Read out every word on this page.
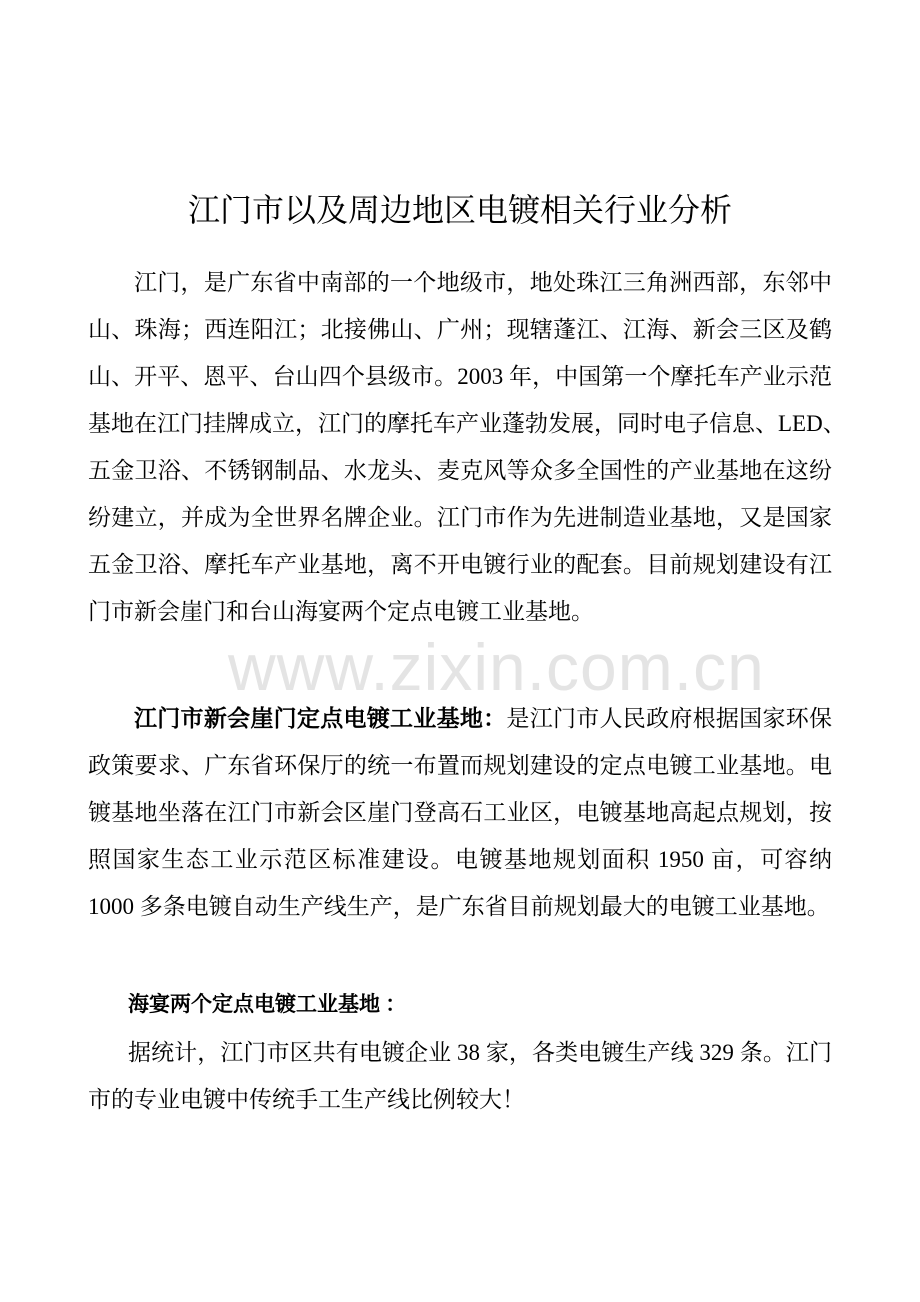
江门市以及周边地区电镀相关行业分析
江门，是广东省中南部的一个地级市，地处珠江三角洲西部，东邻中
山、珠海；西连阳江；北接佛山、广州；现辖蓬江、江海、新会三区及鹤
山、开平、恩平、台山四个县级市。2003 年，中国第一个摩托车产业示范
基地在江门挂牌成立，江门的摩托车产业蓬勃发展，同时电子信息、LED、
五金卫浴、不锈钢制品、水龙头、麦克风等众多全国性的产业基地在这纷
纷建立，并成为全世界名牌企业。江门市作为先进制造业基地，又是国家
五金卫浴、摩托车产业基地，离不开电镀行业的配套。目前规划建设有江
门市新会崖门和台山海宴两个定点电镀工业基地。
www.zixin.com.cn
江门市新会崖门定点电镀工业基地：是江门市人民政府根据国家环保
政策要求、广东省环保厅的统一布置而规划建设的定点电镀工业基地。电
镀基地坐落在江门市新会区崖门登高石工业区，电镀基地高起点规划，按
照国家生态工业示范区标准建设。电镀基地规划面积 1950 亩，可容纳
1000 多条电镀自动生产线生产，是广东省目前规划最大的电镀工业基地。
海宴两个定点电镀工业基地 ：
据统计，江门市区共有电镀企业 38 家，各类电镀生产线 329 条。江门
市的专业电镀中传统手工生产线比例较大！
